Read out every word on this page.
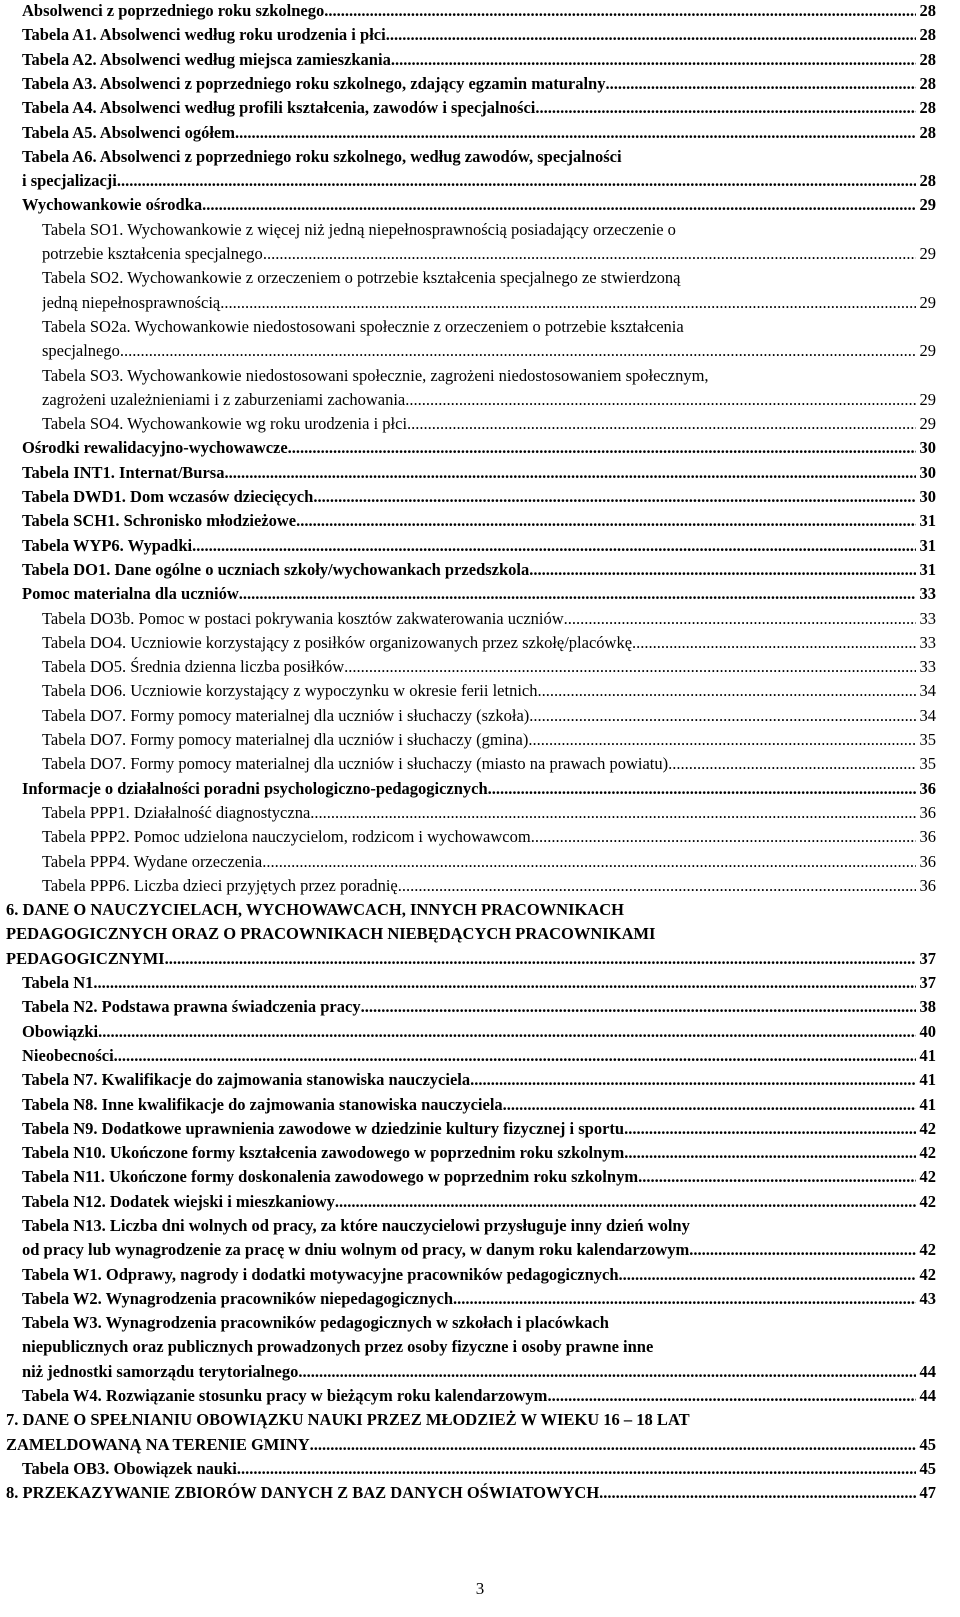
Absolwenci z poprzedniego roku szkolnego .....	28
Tabela A1. Absolwenci według roku urodzenia i płci .....	28
Tabela A2. Absolwenci według miejsca zamieszkania .....	28
Tabela A3. Absolwenci z poprzedniego roku szkolnego, zdający egzamin maturalny .....	28
Tabela A4. Absolwenci według profili kształcenia, zawodów i specjalności .....	28
Tabela A5. Absolwenci ogółem .....	28
Tabela A6. Absolwenci z poprzedniego roku szkolnego, według zawodów, specjalności
i specjalizacji .....	28
Wychowankowie ośrodka .....	29
Tabela SO1. Wychowankowie z więcej niż jedną niepełnosprawnością posiadający orzeczenie o
potrzebie kształcenia specjalnego .....	29
Tabela SO2. Wychowankowie z orzeczeniem o potrzebie kształcenia specjalnego ze stwierdzoną
jedną niepełnosprawnością .....	29
Tabela SO2a. Wychowankowie niedostosowani społecznie z orzeczeniem o potrzebie kształcenia
specjalnego .....	29
Tabela SO3. Wychowankowie niedostosowani społecznie, zagrożeni niedostosowaniem społecznym,
zagrożeni uzależnieniami i z zaburzeniami zachowania .....	29
Tabela SO4. Wychowankowie wg roku urodzenia i płci .....	29
Ośrodki rewalidacyjno-wychowawcze .....	30
Tabela INT1. Internat/Bursa .....	30
Tabela DWD1. Dom wczasów dziecięcych .....	30
Tabela SCH1. Schronisko młodzieżowe .....	31
Tabela WYP6. Wypadki .....	31
Tabela DO1. Dane ogólne o uczniach szkoły/wychowankach przedszkola .....	31
Pomoc materialna dla uczniów .....	33
Tabela DO3b. Pomoc w postaci pokrywania kosztów zakwaterowania uczniów .....	33
Tabela DO4. Uczniowie korzystający z posiłków organizowanych przez szkołę/placówkę .....	33
Tabela DO5. Średnia dzienna liczba posiłków .....	33
Tabela DO6. Uczniowie korzystający z wypoczynku w okresie ferii letnich .....	34
Tabela DO7. Formy pomocy materialnej dla uczniów i słuchaczy (szkoła) .....	34
Tabela DO7. Formy pomocy materialnej dla uczniów i słuchaczy (gmina) .....	35
Tabela DO7. Formy pomocy materialnej dla uczniów i słuchaczy (miasto na prawach powiatu) .....	35
Informacje o działalności poradni psychologiczno-pedagogicznych .....	36
Tabela PPP1. Działalność diagnostyczna .....	36
Tabela PPP2. Pomoc udzielona nauczycielom, rodzicom i wychowawcom .....	36
Tabela PPP4. Wydane orzeczenia .....	36
Tabela PPP6. Liczba dzieci przyjętych przez poradnię .....	36
6. DANE O NAUCZYCIELACH, WYCHOWAWCACH, INNYCH PRACOWNIKACH
PEDAGOGICZNYCH ORAZ O PRACOWNIKACH NIEBĘDĄCYCH PRACOWNIKAMI
PEDAGOGICZNYMI .....	37
Tabela N1 .....	37
Tabela N2. Podstawa prawna świadczenia pracy .....	38
Obowiązki .....	40
Nieobecności .....	41
Tabela N7. Kwalifikacje do zajmowania stanowiska nauczyciela .....	41
Tabela N8. Inne kwalifikacje do zajmowania stanowiska nauczyciela .....	41
Tabela N9. Dodatkowe uprawnienia zawodowe w dziedzinie kultury fizycznej i sportu .....	42
Tabela N10. Ukończone formy kształcenia zawodowego w poprzednim roku szkolnym .....	42
Tabela N11. Ukończone formy doskonalenia zawodowego w poprzednim roku szkolnym .....	42
Tabela N12. Dodatek wiejski i mieszkaniowy .....	42
Tabela N13. Liczba dni wolnych od pracy, za które nauczycielowi przysługuje inny dzień wolny
od pracy lub wynagrodzenie za pracę w dniu wolnym od pracy, w danym roku kalendarzowym .....	42
Tabela W1. Odprawy, nagrody i dodatki motywacyjne pracowników pedagogicznych .....	42
Tabela W2. Wynagrodzenia pracowników niepedagogicznych .....	43
Tabela W3. Wynagrodzenia pracowników pedagogicznych w szkołach i placówkach
niepublicznych oraz publicznych prowadzonych przez osoby fizyczne i osoby prawne inne
niż jednostki samorządu terytorialnego .....	44
Tabela W4. Rozwiązanie stosunku pracy w bieżącym roku kalendarzowym .....	44
7. DANE O SPEŁNIANIU OBOWIĄZKU NAUKI PRZEZ MŁODZIEŻ W WIEKU 16 – 18 LAT
ZAMELDOWANĄ NA TERENIE GMINY .....	45
Tabela OB3. Obowiązek nauki .....	45
8. PRZEKAZYWANIE ZBIORÓW DANYCH Z BAZ DANYCH OŚWIATOWYCH .....	47
3
